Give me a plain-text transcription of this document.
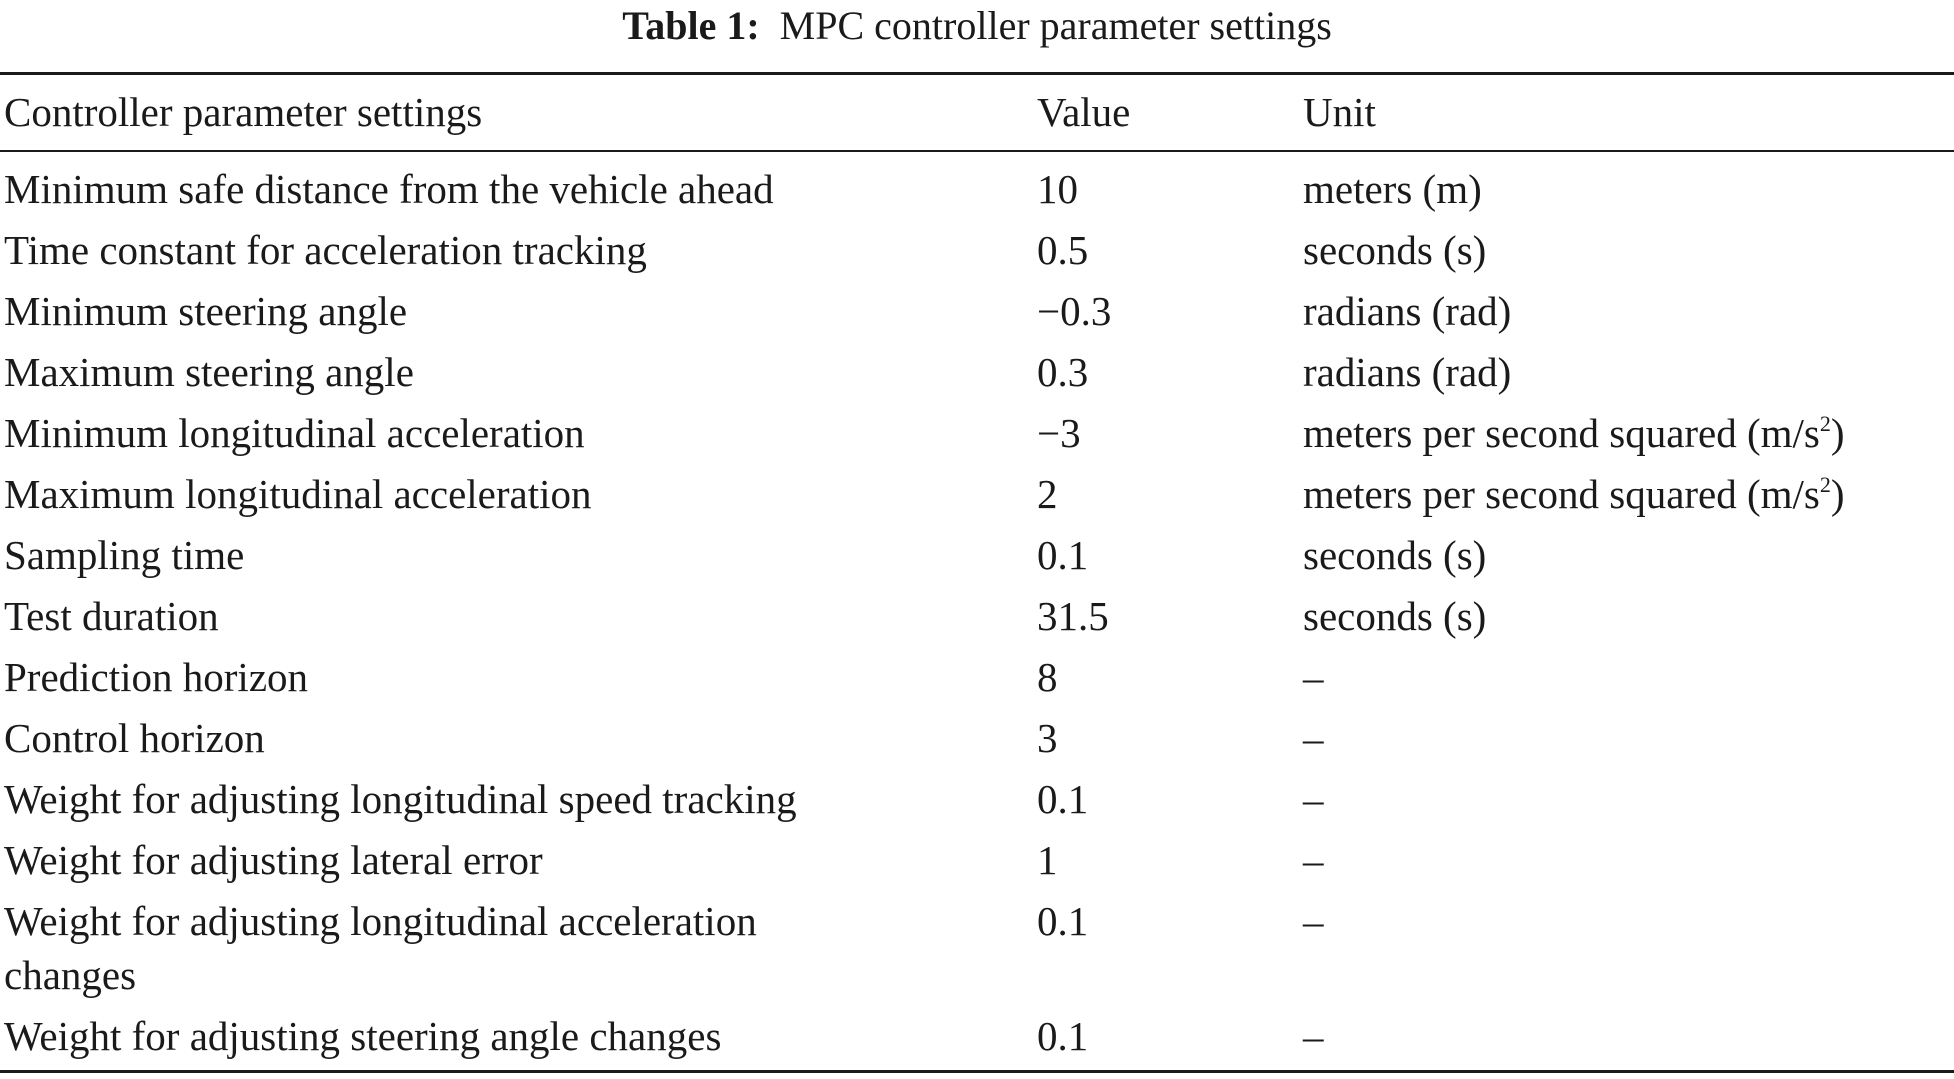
Table 1: MPC controller parameter settings
Controller parameter settings	Value	Unit
Minimum safe distance from the vehicle ahead	10	meters (m)
Time constant for acceleration tracking	0.5	seconds (s)
Minimum steering angle	−0.3	radians (rad)
Maximum steering angle	0.3	radians (rad)
Minimum longitudinal acceleration	−3	meters per second squared $(m/s^2)$
Maximum longitudinal acceleration	2	meters per second squared $(m/s^2)$
Sampling time	0.1	seconds (s)
Test duration	31.5	seconds (s)
Prediction horizon	8	–
Control horizon	3	–
Weight for adjusting longitudinal speed tracking	0.1	–
Weight for adjusting lateral error	1	–
Weight for adjusting longitudinal acceleration	0.1	–
changes
Weight for adjusting steering angle changes	0.1	–
